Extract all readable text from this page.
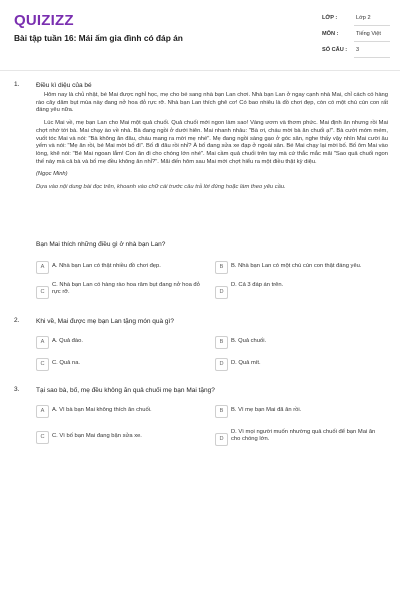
QUIZIZZ
Bài tập tuần 16: Mái ấm gia đình có đáp án
LỚP :	Lớp 2
MÔN :	Tiếng Việt
SỐ CÂU : 3
1.	Điều kì diệu của bé

Hôm nay là chủ nhật, bé Mai được nghỉ học, mẹ cho bé sang nhà bạn Lan chơi. Nhà bạn Lan ở ngay cạnh nhà Mai, chỉ cách có hàng rào cây dâm bụt mùa này đang nở hoa đỏ rực rỡ. Nhà bạn Lan thích ghê cơ! Có bao nhiêu là đồ chơi đẹp, còn có một chú cún con rất đáng yêu nữa.

Lúc Mai về, mẹ bạn Lan cho Mai một quả chuối. Quả chuối mới ngon làm sao! Vàng ươm và thơm phức. Mai định ăn nhưng rồi Mai chợt nhớ tới bà. Mai chạy ào về nhà. Bà đang ngồi ở dưới hiên. Mai nhanh nhảu: "Bà ơi, cháu mời bà ăn chuối ạ!". Bà cười móm mém, vuốt tóc Mai và nói: "Bà không ăn đâu, cháu mang ra mời mẹ nhé". Mẹ đang ngồi sàng gạo ở góc sân, nghe thấy vậy nhìn Mai cười âu yếm và nói: "Mẹ ăn rồi, bé Mai mời bố đi". Bố đi đâu rồi nhỉ? À bố đang sửa xe đạp ở ngoài sân. Bé Mai chạy lại mời bố. Bố ôm Mai vào lòng, khẽ nói: "Bé Mai ngoan lắm! Con ăn đi cho chóng lớn nhé". Mai cầm quả chuối trên tay mà cứ thắc mắc mãi "Sao quả chuối ngon thế này mà cả bà và bố mẹ đều không ăn nhỉ?". Mãi đến hôm sau Mai mới chợt hiểu ra một điều thật kỳ diệu.

(Ngọc Minh)

Dựa vào nội dung bài đọc trên, khoanh vào chữ cái trước câu trả lời đúng hoặc làm theo yêu cầu.

Bạn Mai thích những điều gì ở nhà bạn Lan?
A	A. Nhà bạn Lan có thật nhiều đồ chơi đẹp.	B	B. Nhà bạn Lan có một chú cún con thật đáng yêu.
C
C. Nhà bạn Lan có hàng rào hoa râm bụt đang nở hoa đỏ rực rỡ.	D
D. Cả 3 đáp án trên.
2.	Khi về, Mai được mẹ bạn Lan tặng món quà gì?
A	A. Quả đào.	B	B. Quả chuối.
C	C. Quả na.	D	D. Quả mít.
3.	Tại sao bà, bố, mẹ đều không ăn quả chuối mẹ bạn Mai tặng?
A	A. Vì bà bạn Mai không thích ăn chuối.	B	B. Vì mẹ bạn Mai đã ăn rồi.
C	C. Vì bố bạn Mai đang bận sửa xe.	D
D. Vì mọi người muốn nhường quả chuối để bạn Mai ăn cho chóng lớn.
